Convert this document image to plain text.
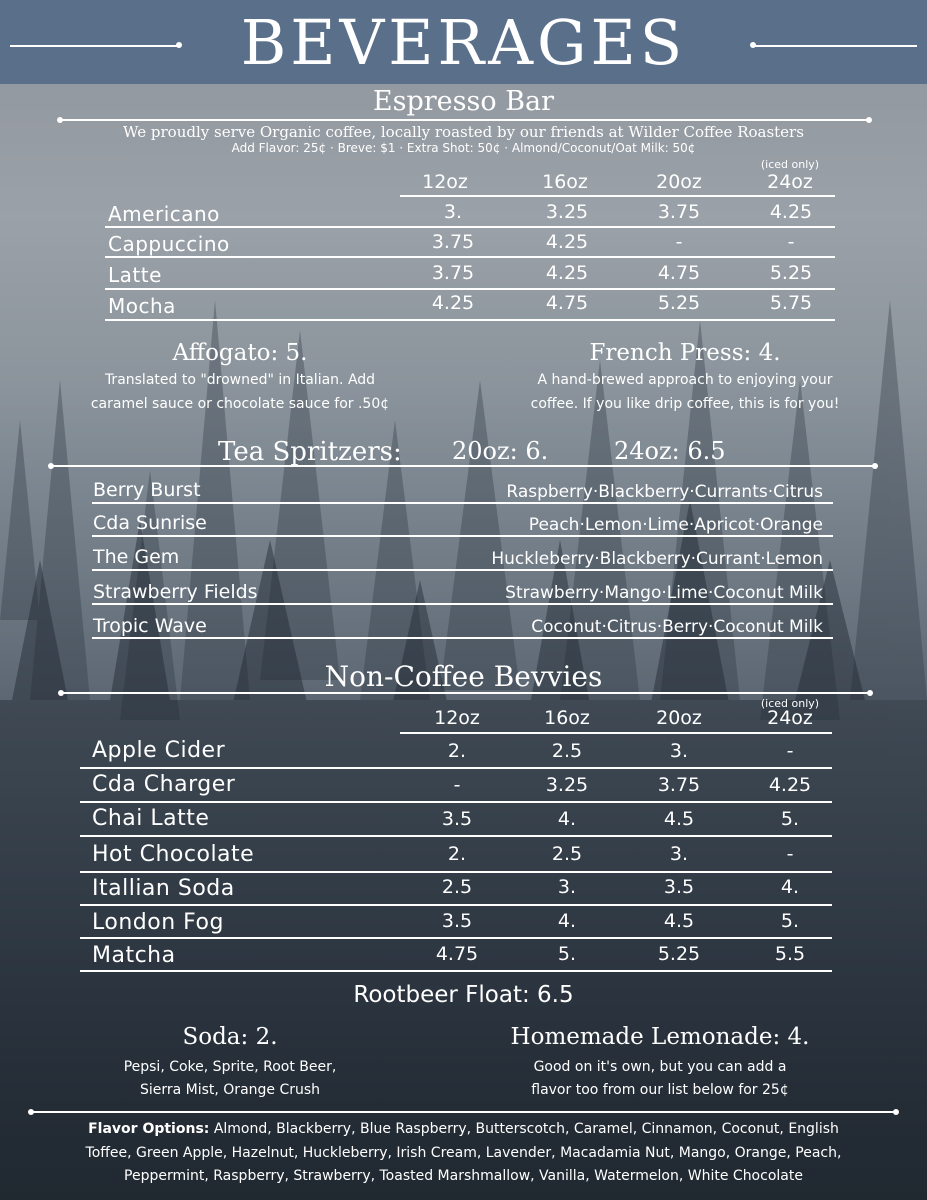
BEVERAGES
Espresso Bar
We proudly serve Organic coffee, locally roasted by our friends at Wilder Coffee Roasters
Add Flavor: 25¢ · Breve: $1 · Extra Shot: 50¢ · Almond/Coconut/Oat Milk: 50¢
(iced only)
12oz	16oz	20oz	24oz
Americano	3.	3.25	3.75	4.25
Cappuccino	3.75	4.25	-	-
Latte	3.75	4.25	4.75	5.25
Mocha	4.25	4.75	5.25	5.75
Affogato: 5.
Translated to "drowned" in Italian. Add
caramel sauce or chocolate sauce for .50¢
French Press: 4.
A hand-brewed approach to enjoying your
coffee. If you like drip coffee, this is for you!
Tea Spritzers: 20oz: 6.	24oz: 6.5
Berry Burst	Raspberry·Blackberry·Currants·Citrus
Cda Sunrise	Peach·Lemon·Lime·Apricot·Orange
The Gem	Huckleberry·Blackberry·Currant·Lemon
Strawberry Fields	Strawberry·Mango·Lime·Coconut Milk
Tropic Wave	Coconut·Citrus·Berry·Coconut Milk
Non-Coffee Bevvies
(iced only)
12oz	16oz	20oz	24oz
Apple Cider	2.	2.5	3.	-
Cda Charger	-	3.25	3.75	4.25
Chai Latte	3.5	4.	4.5	5.
Hot Chocolate	2.	2.5	3.	-
Itallian Soda	2.5	3.	3.5	4.
London Fog	3.5	4.	4.5	5.
Matcha	4.75	5.	5.25	5.5
Rootbeer Float: 6.5
Soda: 2.
Pepsi, Coke, Sprite, Root Beer,
Sierra Mist, Orange Crush
Homemade Lemonade: 4.
Good on it's own, but you can add a
flavor too from our list below for 25¢
Flavor Options: Almond, Blackberry, Blue Raspberry, Butterscotch, Caramel, Cinnamon, Coconut, English
Toffee, Green Apple, Hazelnut, Huckleberry, Irish Cream, Lavender, Macadamia Nut, Mango, Orange, Peach,
Peppermint, Raspberry, Strawberry, Toasted Marshmallow, Vanilla, Watermelon, White Chocolate
